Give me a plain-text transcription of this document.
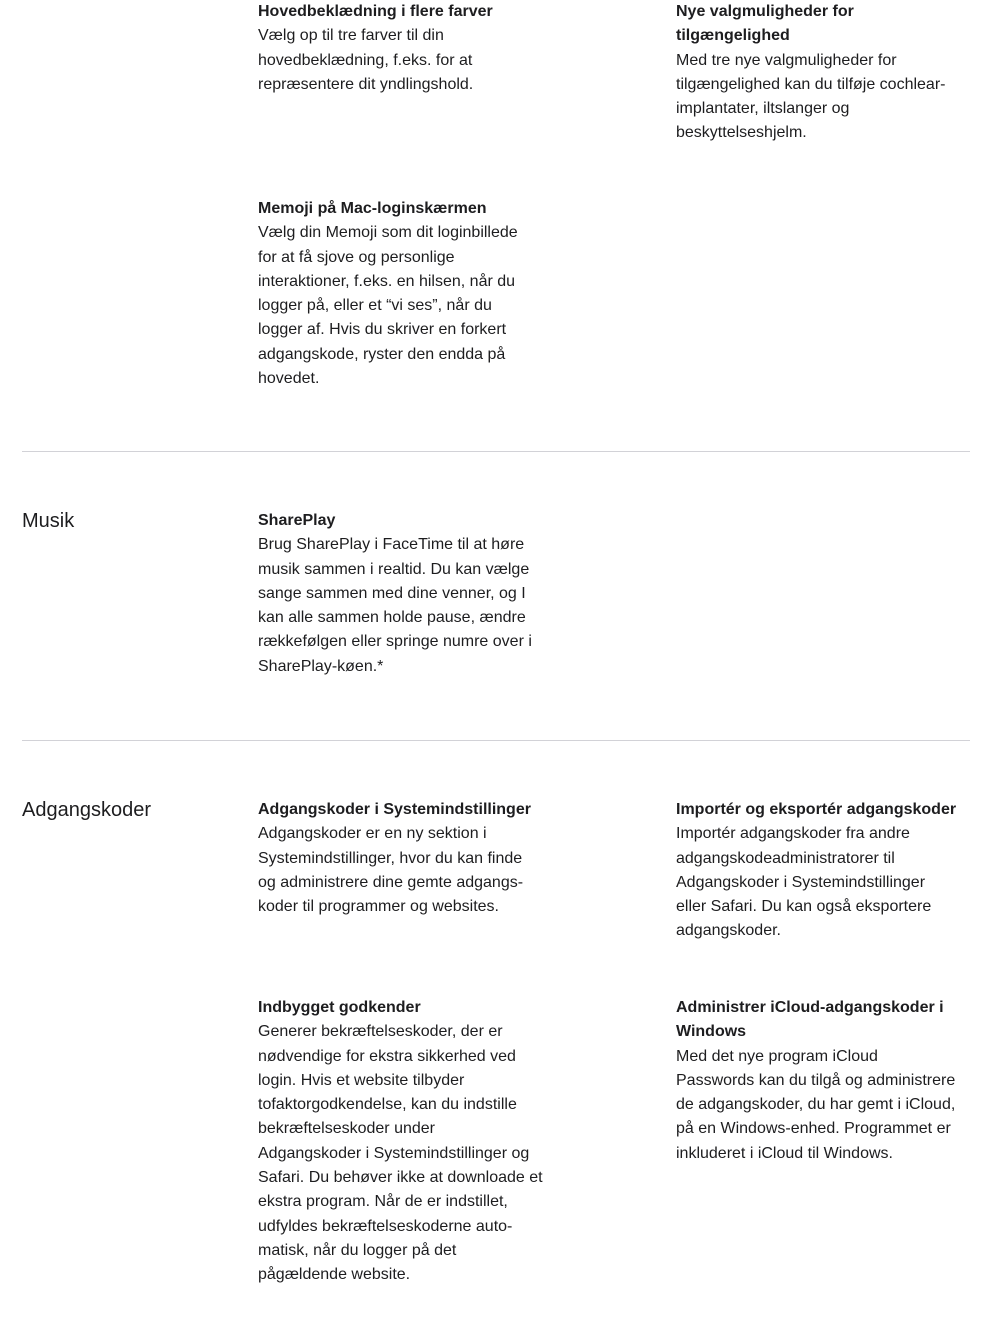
Hovedbeklædning i flere farver
Vælg op til tre farver til din
hovedbeklædning, f.eks. for at
repræsentere dit yndlingshold.
Nye valgmuligheder for
tilgængelighed
Med tre nye valgmuligheder for
tilgængelighed kan du tilføje cochlear-
implantater, iltslanger og
beskyttelseshjelm.
Memoji på Mac-loginskærmen
Vælg din Memoji som dit loginbillede
for at få sjove og personlige
interaktioner, f.eks. en hilsen, når du
logger på, eller et “vi ses”, når du
logger af. Hvis du skriver en forkert
adgangskode, ryster den endda på
hovedet.
Musik	SharePlay
Brug SharePlay i FaceTime til at høre
musik sammen i realtid. Du kan vælge
sange sammen med dine venner, og I
kan alle sammen holde pause, ændre
rækkefølgen eller springe numre over i
SharePlay-køen.*
Adgangskoder	Adgangskoder i Systemindstillinger
Adgangskoder er en ny sektion i
Systemindstillinger, hvor du kan finde
og administrere dine gemte adgangs-
koder til programmer og websites.
Importér og eksportér adgangskoder
Importér adgangskoder fra andre
adgangskodeadministratorer til
Adgangskoder i Systemindstillinger
eller Safari. Du kan også eksportere
adgangskoder.
Indbygget godkender
Generer bekræftelseskoder, der er
nødvendige for ekstra sikkerhed ved
login. Hvis et website tilbyder
tofaktorgodkendelse, kan du indstille
bekræftelseskoder under
Adgangskoder i Systemindstillinger og
Safari. Du behøver ikke at downloade et
ekstra program. Når de er indstillet,
udfyldes bekræftelseskoderne auto-
matisk, når du logger på det
pågældende website.
Administrer iCloud-adgangskoder i
Windows
Med det nye program iCloud
Passwords kan du tilgå og administrere
de adgangskoder, du har gemt i iCloud,
på en Windows-enhed. Programmet er
inkluderet i iCloud til Windows.
